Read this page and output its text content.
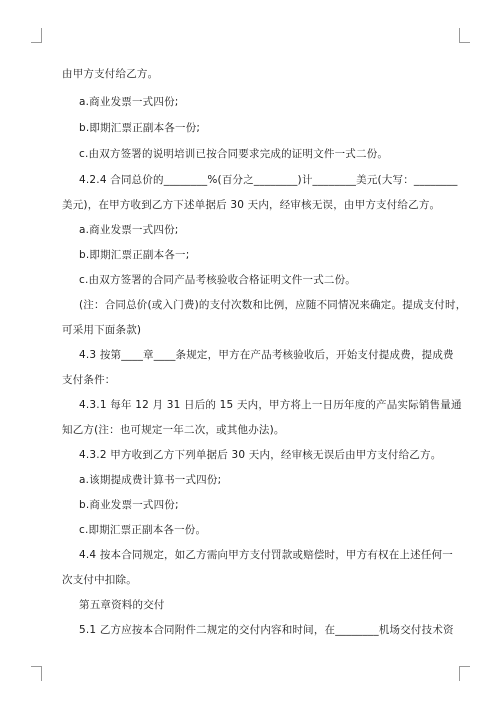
由甲方支付给乙方。
a.商业发票一式四份;
b.即期汇票正副本各一份;
c.由双方签署的说明培训已按合同要求完成的证明文件一式二份。
4.2.4 合同总价的________%(百分之________)计________美元(大写：________
美元)，在甲方收到乙方下述单据后 30 天内，经审核无误，由甲方支付给乙方。
a.商业发票一式四份;
b.即期汇票正副本各一;
c.由双方签署的合同产品考核验收合格证明文件一式二份。
(注：合同总价(或入门费)的支付次数和比例，应随不同情况来确定。提成支付时，
可采用下面条款)
4.3 按第____章____条规定，甲方在产品考核验收后，开始支付提成费，提成费
支付条件：
4.3.1 每年 12 月 31 日后的 15 天内，甲方将上一日历年度的产品实际销售量通
知乙方(注：也可规定一年二次，或其他办法)。
4.3.2 甲方收到乙方下列单据后 30 天内，经审核无误后由甲方支付给乙方。
a.该期提成费计算书一式四份;
b.商业发票一式四份;
c.即期汇票正副本各一份。
4.4 按本合同规定，如乙方需向甲方支付罚款或赔偿时，甲方有权在上述任何一
次支付中扣除。
第五章资料的交付
5.1 乙方应按本合同附件二规定的交付内容和时间，在________机场交付技术资
